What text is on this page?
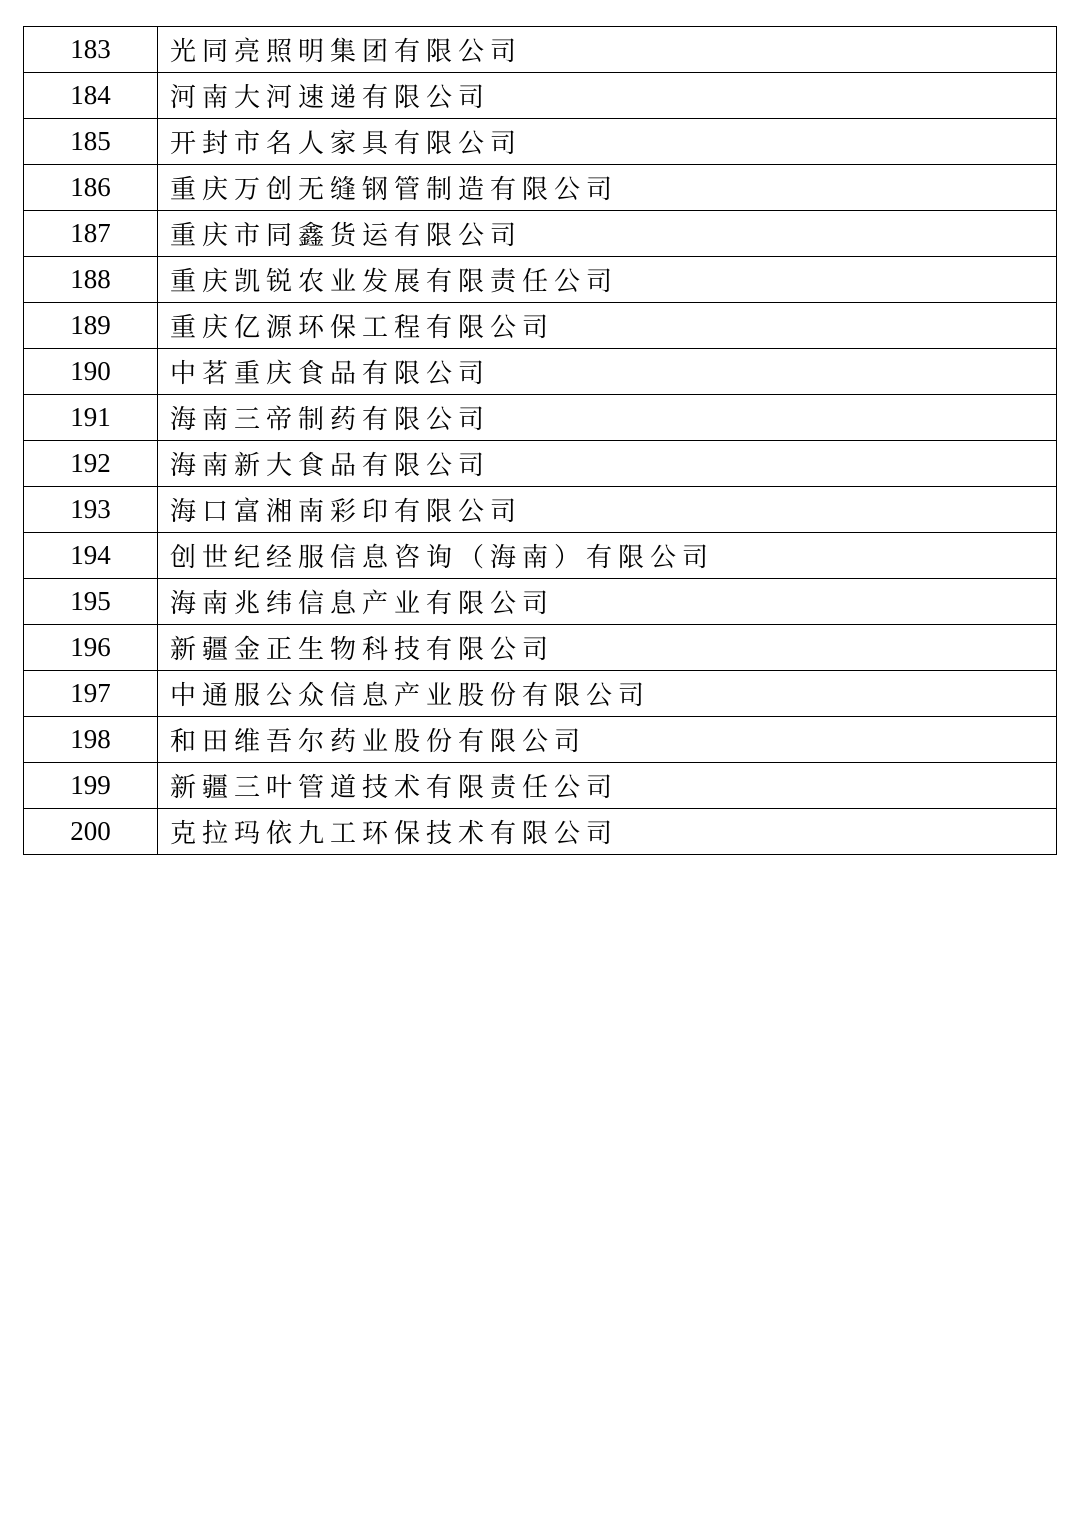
183	光同亮照明集团有限公司
184	河南大河速递有限公司
185	开封市名人家具有限公司
186	重庆万创无缝钢管制造有限公司
187	重庆市同鑫货运有限公司
188	重庆凯锐农业发展有限责任公司
189	重庆亿源环保工程有限公司
190	中茗重庆食品有限公司
191	海南三帝制药有限公司
192	海南新大食品有限公司
193	海口富湘南彩印有限公司
194	创世纪经服信息咨询（海南）有限公司
195	海南兆纬信息产业有限公司
196	新疆金正生物科技有限公司
197	中通服公众信息产业股份有限公司
198	和田维吾尔药业股份有限公司
199	新疆三叶管道技术有限责任公司
200	克拉玛依九工环保技术有限公司
